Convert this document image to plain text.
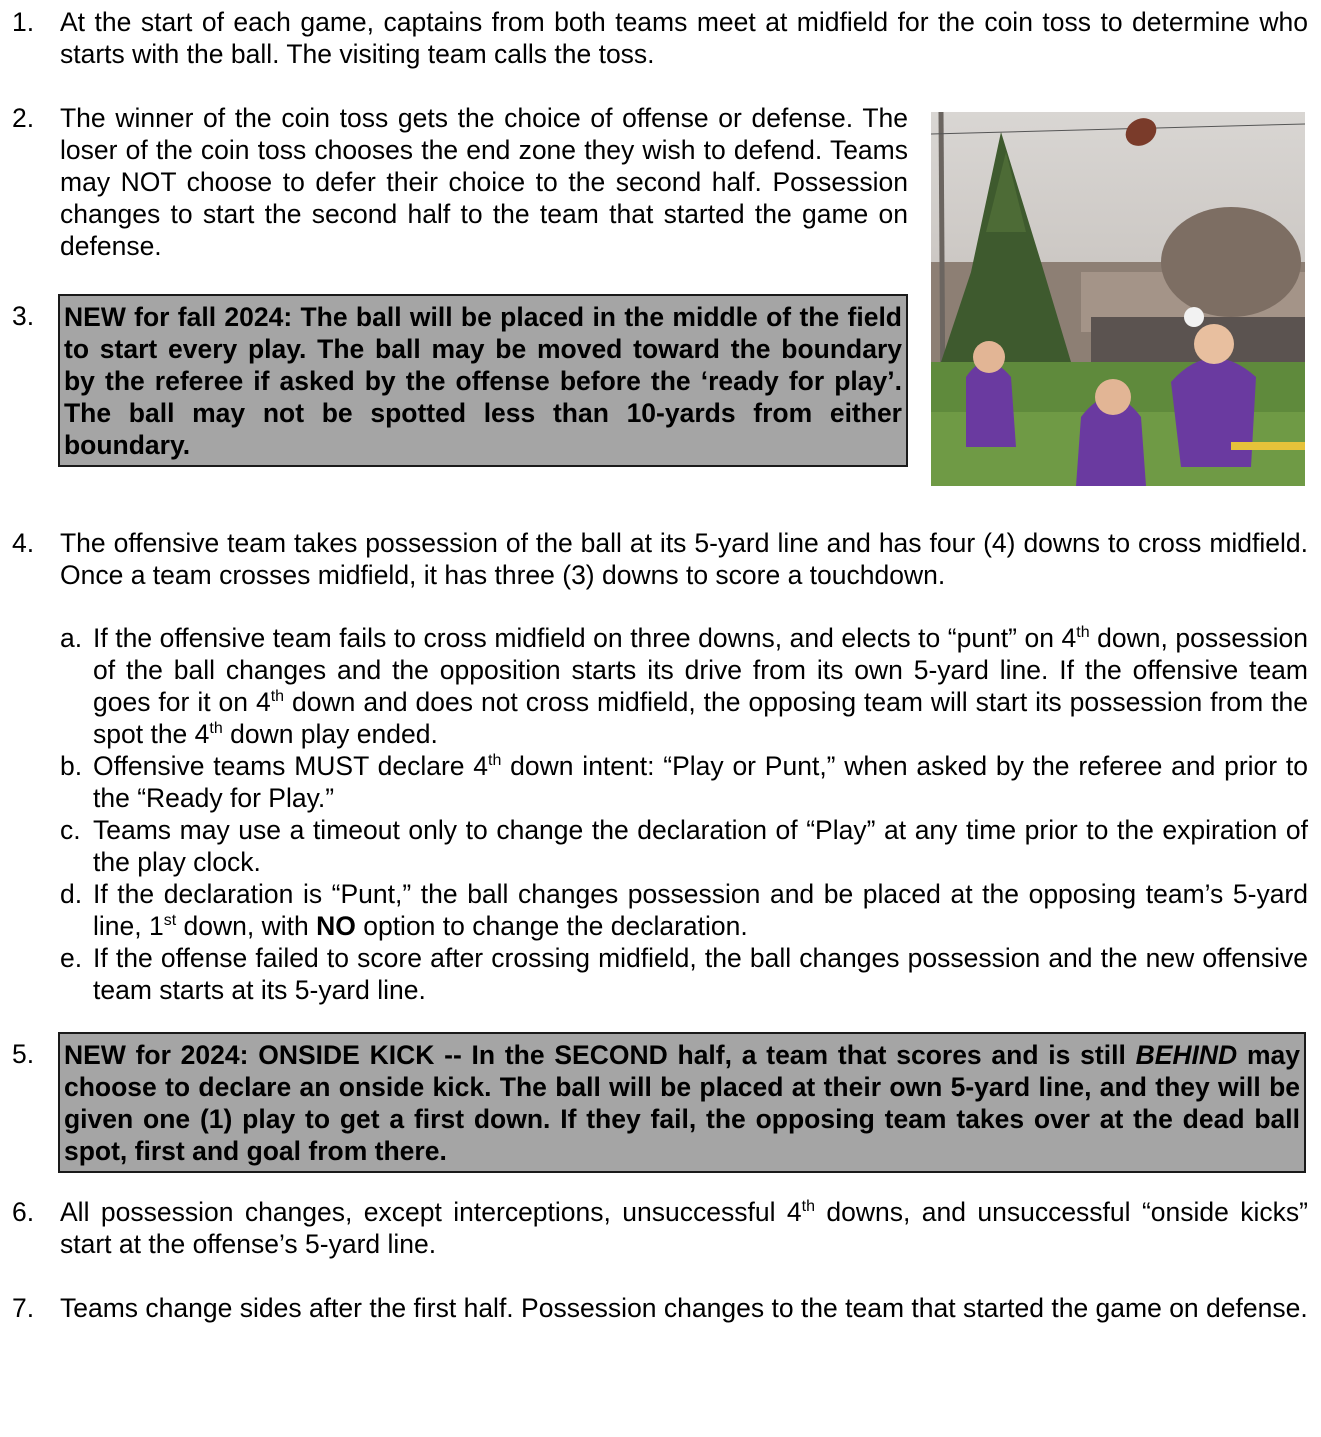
1. At the start of each game, captains from both teams meet at midfield for the coin toss to determine who starts with the ball. The visiting team calls the toss.
2. The winner of the coin toss gets the choice of offense or defense. The loser of the coin toss chooses the end zone they wish to defend. Teams may NOT choose to defer their choice to the second half. Possession changes to start the second half to the team that started the game on defense.
3. NEW for fall 2024: The ball will be placed in the middle of the field to start every play. The ball may be moved toward the boundary by the referee if asked by the offense before the ‘ready for play’. The ball may not be spotted less than 10-yards from either boundary.
4. The offensive team takes possession of the ball at its 5-yard line and has four (4) downs to cross midfield. Once a team crosses midfield, it has three (3) downs to score a touchdown.
a. If the offensive team fails to cross midfield on three downs, and elects to “punt” on 4th down, possession of the ball changes and the opposition starts its drive from its own 5-yard line. If the offensive team goes for it on 4th down and does not cross midfield, the opposing team will start its possession from the spot the 4th down play ended.
b. Offensive teams MUST declare 4th down intent: “Play or Punt,” when asked by the referee and prior to the “Ready for Play.”
c. Teams may use a timeout only to change the declaration of “Play” at any time prior to the expiration of the play clock.
d. If the declaration is “Punt,” the ball changes possession and be placed at the opposing team’s 5-yard line, 1st down, with NO option to change the declaration.
e. If the offense failed to score after crossing midfield, the ball changes possession and the new offensive team starts at its 5-yard line.
5. NEW for 2024: ONSIDE KICK -- In the SECOND half, a team that scores and is still BEHIND may choose to declare an onside kick. The ball will be placed at their own 5-yard line, and they will be given one (1) play to get a first down. If they fail, the opposing team takes over at the dead ball spot, first and goal from there.
6. All possession changes, except interceptions, unsuccessful 4th downs, and unsuccessful “onside kicks” start at the offense’s 5-yard line.
7. Teams change sides after the first half. Possession changes to the team that started the game on defense.
